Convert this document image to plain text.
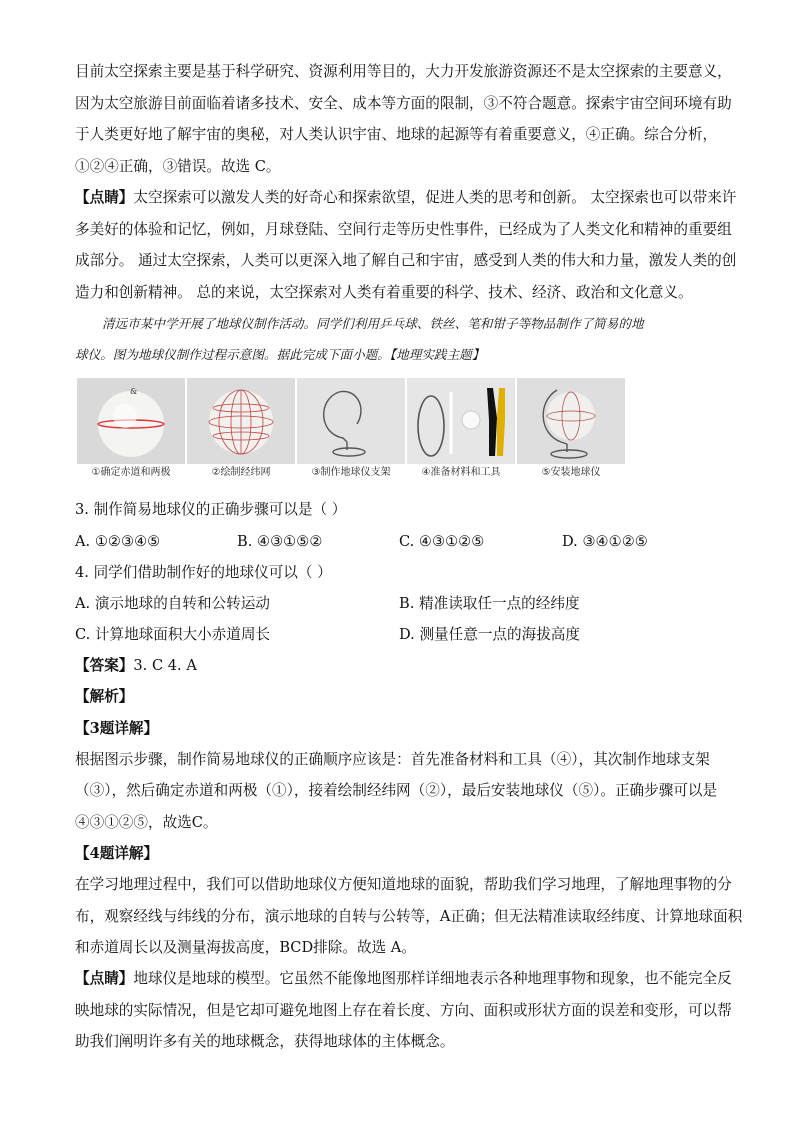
目前太空探索主要是基于科学研究、资源利用等目的，大力开发旅游资源还不是太空探索的主要意义，
因为太空旅游目前面临着诸多技术、安全、成本等方面的限制，③不符合题意。探索宇宙空间环境有助
于人类更好地了解宇宙的奥秘，对人类认识宇宙、地球的起源等有着重要意义，④正确。综合分析，
①②④正确，③错误。故选 C。
【点睛】太空探索可以激发人类的好奇心和探索欲望，促进人类的思考和创新。 太空探索也可以带来许
多美好的体验和记忆，例如，月球登陆、空间行走等历史性事件，已经成为了人类文化和精神的重要组
成部分。 通过太空探索，人类可以更深入地了解自己和宇宙，感受到人类的伟大和力量，激发人类的创
造力和创新精神。 总的来说，太空探索对人类有着重要的科学、技术、经济、政治和文化意义。
清远市某中学开展了地球仪制作活动。同学们利用乒乓球、铁丝、笔和钳子等物品制作了简易的地
球仪。图为地球仪制作过程示意图。据此完成下面小题。【地理实践主题】
&
①确定赤道和两极	②绘制经纬网	③制作地球仪支架	④准备材料和工具	⑤安装地球仪
3. 制作简易地球仪的正确步骤可以是（ ）
A. ①②③④⑤	B. ④③①⑤②	C. ④③①②⑤	D. ③④①②⑤
4. 同学们借助制作好的地球仪可以（ ）
A. 演示地球的自转和公转运动	B. 精准读取任一点的经纬度
C. 计算地球面积大小赤道周长	D. 测量任意一点的海拔高度
【答案】3. C 4. A
【解析】
【3题详解】
根据图示步骤，制作简易地球仪的正确顺序应该是：首先准备材料和工具（④），其次制作地球支架
（③），然后确定赤道和两极（①），接着绘制经纬网（②），最后安装地球仪（⑤）。正确步骤可以是
④③①②⑤，故选C。
【4题详解】
在学习地理过程中，我们可以借助地球仪方便知道地球的面貌，帮助我们学习地理，了解地理事物的分
布，观察经线与纬线的分布，演示地球的自转与公转等，A正确；但无法精准读取经纬度、计算地球面积
和赤道周长以及测量海拔高度，BCD排除。故选 A。
【点睛】地球仪是地球的模型。它虽然不能像地图那样详细地表示各种地理事物和现象，也不能完全反
映地球的实际情况，但是它却可避免地图上存在着长度、方向、面积或形状方面的误差和变形，可以帮
助我们阐明许多有关的地球概念，获得地球体的主体概念。
